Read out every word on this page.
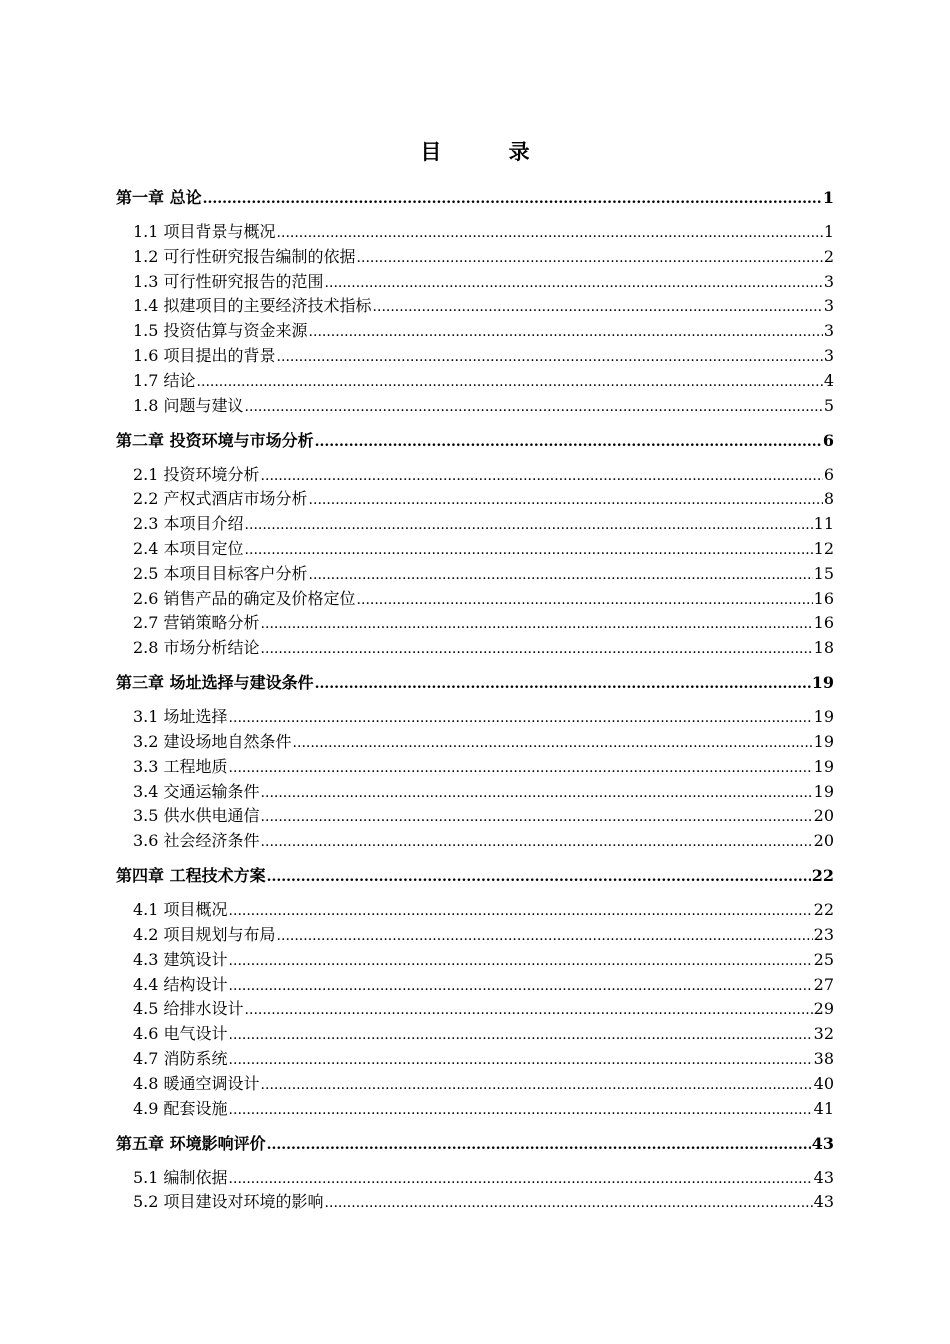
目 录
第一章 总论 .....	1
1.1 项目背景与概况 .....	1
1.2 可行性研究报告编制的依据 .....	2
1.3 可行性研究报告的范围 .....	3
1.4 拟建项目的主要经济技术指标 .....	3
1.5 投资估算与资金来源 .....	3
1.6 项目提出的背景 .....	3
1.7 结论 .....	4
1.8 问题与建议 .....	5
第二章 投资环境与市场分析 .....	6
2.1 投资环境分析 .....	6
2.2 产权式酒店市场分析 .....	8
2.3 本项目介绍 .....	11
2.4 本项目定位 .....	12
2.5 本项目目标客户分析 .....	15
2.6 销售产品的确定及价格定位 .....	16
2.7 营销策略分析 .....	16
2.8 市场分析结论 .....	18
第三章 场址选择与建设条件 .....	19
3.1 场址选择 .....	19
3.2 建设场地自然条件 .....	19
3.3 工程地质 .....	19
3.4 交通运输条件 .....	19
3.5 供水供电通信 .....	20
3.6 社会经济条件 .....	20
第四章 工程技术方案 .....	22
4.1 项目概况 .....	22
4.2 项目规划与布局 .....	23
4.3 建筑设计 .....	25
4.4 结构设计 .....	27
4.5 给排水设计 .....	29
4.6 电气设计 .....	32
4.7 消防系统 .....	38
4.8 暖通空调设计 .....	40
4.9 配套设施 .....	41
第五章 环境影响评价 .....	43
5.1 编制依据 .....	43
5.2 项目建设对环境的影响 .....	43
